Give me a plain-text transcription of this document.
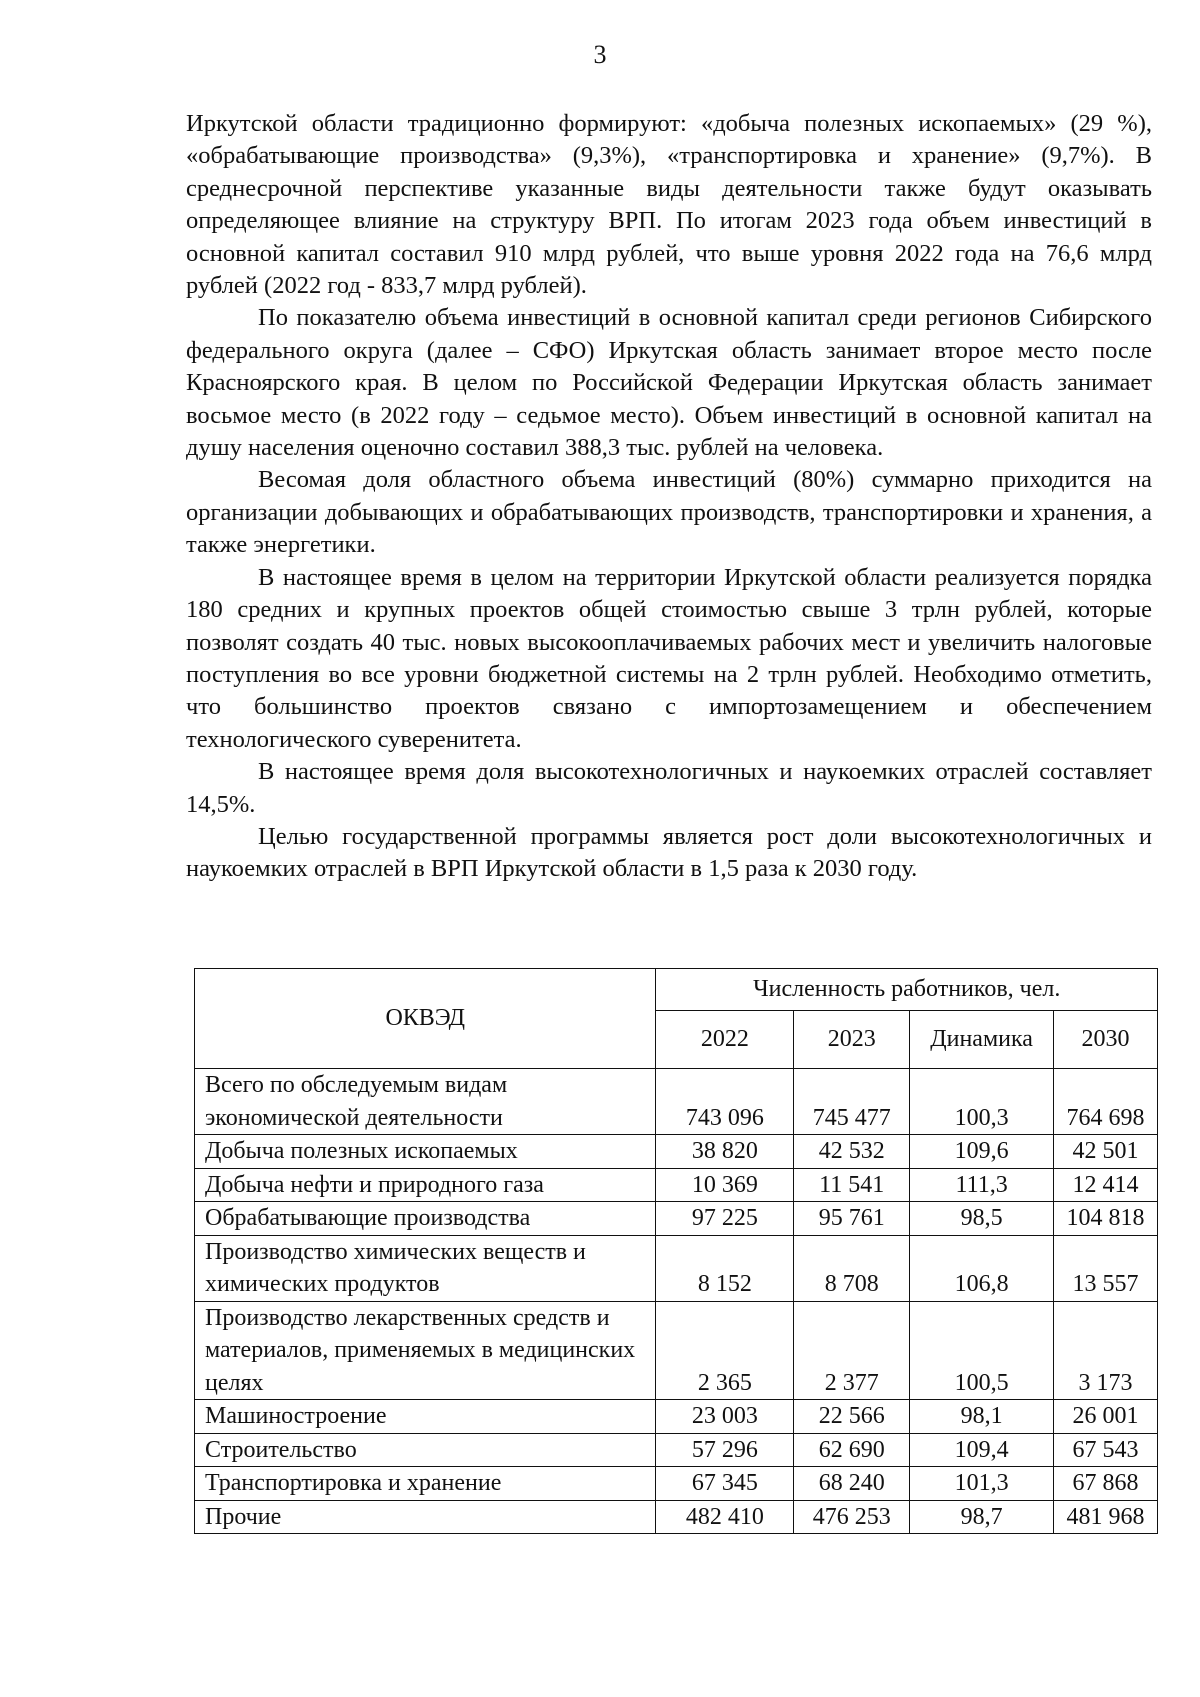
3

Иркутской области традиционно формируют: «добыча полезных ископаемых» (29 %), «обрабатывающие производства» (9,3%), «транспортировка и хранение» (9,7%). В среднесрочной перспективе указанные виды деятельности также будут оказывать определяющее влияние на структуру ВРП. По итогам 2023 года объем инвестиций в основной капитал составил 910 млрд рублей, что выше уровня 2022 года на 76,6 млрд рублей (2022 год - 833,7 млрд рублей).

По показателю объема инвестиций в основной капитал среди регионов Сибирского федерального округа (далее – СФО) Иркутская область занимает второе место после Красноярского края. В целом по Российской Федерации Иркутская область занимает восьмое место (в 2022 году – седьмое место). Объем инвестиций в основной капитал на душу населения оценочно составил 388,3 тыс. рублей на человека.

Весомая доля областного объема инвестиций (80%) суммарно приходится на организации добывающих и обрабатывающих производств, транспортировки и хранения, а также энергетики.

В настоящее время в целом на территории Иркутской области реализуется порядка 180 средних и крупных проектов общей стоимостью свыше 3 трлн рублей, которые позволят создать 40 тыс. новых высокооплачиваемых рабочих мест и увеличить налоговые поступления во все уровни бюджетной системы на 2 трлн рублей. Необходимо отметить, что большинство проектов связано с импортозамещением и обеспечением технологического суверенитета.

В настоящее время доля высокотехнологичных и наукоемких отраслей составляет 14,5%.

Целью государственной программы является рост доли высокотехнологичных и наукоемких отраслей в ВРП Иркутской области в 1,5 раза к 2030 году.

ОКВЭД	Численность работников, чел.			
	2022	2023	Динамика	2030
Всего по обследуемым видам экономической деятельности	743 096	745 477	100,3	764 698
Добыча полезных ископаемых	38 820	42 532	109,6	42 501
Добыча нефти и природного газа	10 369	11 541	111,3	12 414
Обрабатывающие производства	97 225	95 761	98,5	104 818
Производство химических веществ и химических продуктов	8 152	8 708	106,8	13 557
Производство лекарственных средств и материалов, применяемых в медицинских целях	2 365	2 377	100,5	3 173
Машиностроение	23 003	22 566	98,1	26 001
Строительство	57 296	62 690	109,4	67 543
Транспортировка и хранение	67 345	68 240	101,3	67 868
Прочие	482 410	476 253	98,7	481 968
